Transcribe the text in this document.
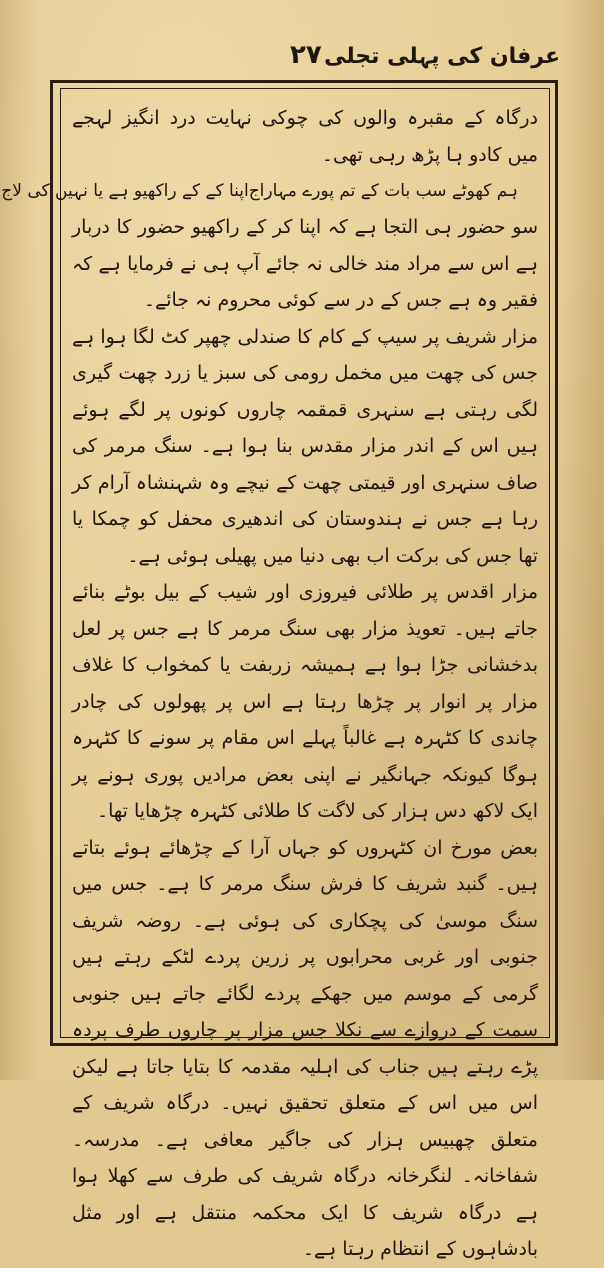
عرفان کی پہلی تجلی
۲۷

درگاہ کے مقبرہ والوں کی چوکی نہایت درد انگیز لہجے میں کادو ہا پڑھ رہی تھی۔

ہم کھوٹے سب بات کے تم پورے مہاراج
اپنا کے کے راکھیو ہے یا نہیں کی لاج

سو حضور ہی التجا ہے کہ اپنا کر کے راکھیو حضور کا دربار ہے اس سے مراد مند خالی نہ جائے آپ ہی نے فرمایا ہے کہ فقیر وہ ہے جس کے در سے کوئی محروم نہ جائے۔

مزار شریف پر سیپ کے کام کا صندلی چھپر کٹ لگا ہوا ہے جس کی چھت میں مخمل رومی کی سبز یا زرد چھت گیری لگی رہتی ہے سنہری قمقمہ چاروں کونوں پر لگے ہوئے ہیں اس کے اندر مزار مقدس بنا ہوا ہے۔ سنگ مرمر کی صاف سنہری اور قیمتی چھت کے نیچے وہ شہنشاہ آرام کر رہا ہے جس نے ہندوستان کی اندھیری محفل کو چمکا یا تھا جس کی برکت اب بھی دنیا میں پھیلی ہوئی ہے۔

مزار اقدس پر طلائی فیروزی اور شیب کے بیل بوٹے بنائے جاتے ہیں۔ تعویذ مزار بھی سنگ مرمر کا ہے جس پر لعل بدخشانی جڑا ہوا ہے ہمیشہ زربفت یا کمخواب کا غلاف مزار پر انوار پر چڑھا رہتا ہے اس پر پھولوں کی چادر چاندی کا کٹہرہ ہے غالباً پہلے اس مقام پر سونے کا کٹہرہ ہوگا کیونکہ جہانگیر نے اپنی بعض مرادیں پوری ہونے پر ایک لاکھ دس ہزار کی لاگت کا طلائی کٹہرہ چڑھایا تھا۔

بعض مورخ ان کٹہروں کو جہاں آرا کے چڑھائے ہوئے بتاتے ہیں۔ گنبد شریف کا فرش سنگ مرمر کا ہے۔ جس میں سنگ موسیٰ کی پچکاری کی ہوئی ہے۔ روضہ شریف جنوبی اور غربی محرابوں پر زرین پردے لٹکے رہتے ہیں گرمی کے موسم میں جھکے پردے لگائے جاتے ہیں جنوبی سمت کے دروازے سے نکلا جس مزار پر چاروں طرف پردہ پڑے رہتے ہیں جناب کی اہلیہ مقدمہ کا بتایا جاتا ہے لیکن اس میں اس کے متعلق تحقیق نہیں۔ درگاہ شریف کے متعلق چھبیس ہزار کی جاگیر معافی ہے۔ مدرسہ۔ شفاخانہ۔ لنگرخانہ درگاہ شریف کی طرف سے کھلا ہوا ہے درگاہ شریف کا ایک محکمہ منتقل ہے اور مثل بادشاہوں کے انتظام رہتا ہے۔
